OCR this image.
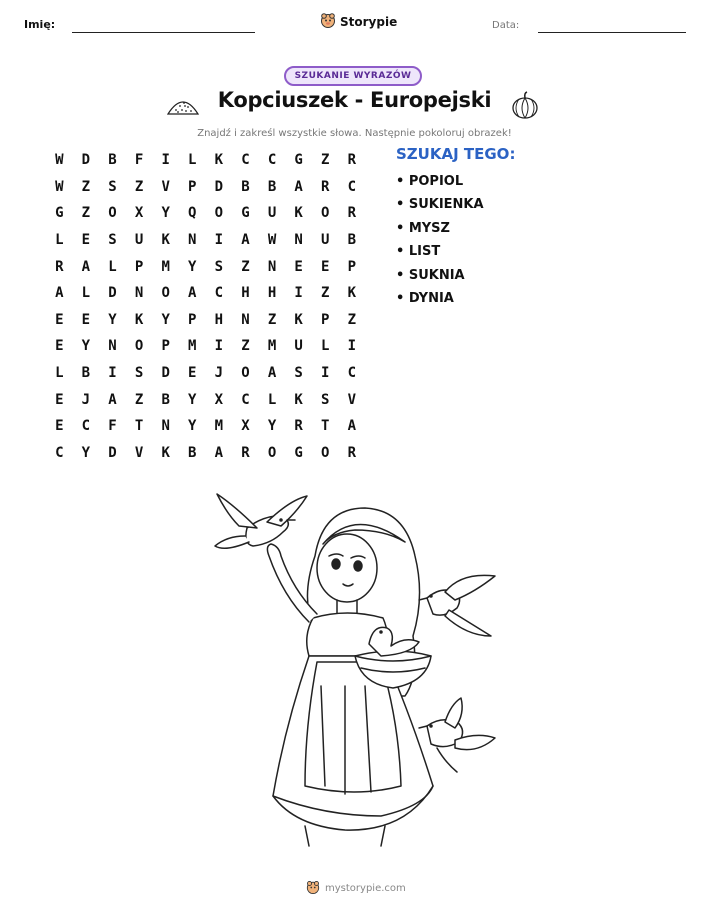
Imię:	Storypie	Data:
SZUKANIE WYRAZÓW
Kopciuszek - Europejski
Znajdź i zakreśl wszystkie słowa. Następnie pokoloruj obrazek!
W	D	B	F	I	L	K	C	C	G	Z	R
W	Z	S	Z	V	P	D	B	B	A	R	C
G	Z	O	X	Y	Q	O	G	U	K	O	R
L	E	S	U	K	N	I	A	W	N	U	B
R	A	L	P	M	Y	S	Z	N	E	E	P
A	L	D	N	O	A	C	H	H	I	Z	K
E	E	Y	K	Y	P	H	N	Z	K	P	Z
E	Y	N	O	P	M	I	Z	M	U	L	I
L	B	I	S	D	E	J	O	A	S	I	C
E	J	A	Z	B	Y	X	C	L	K	S	V
E	C	F	T	N	Y	M	X	Y	R	T	A
C	Y	D	V	K	B	A	R	O	G	O	R
SZUKAJ TEGO:
• POPIOL
• SUKIENKA
• MYSZ
• LIST
• SUKNIA
• DYNIA
mystorypie.com
